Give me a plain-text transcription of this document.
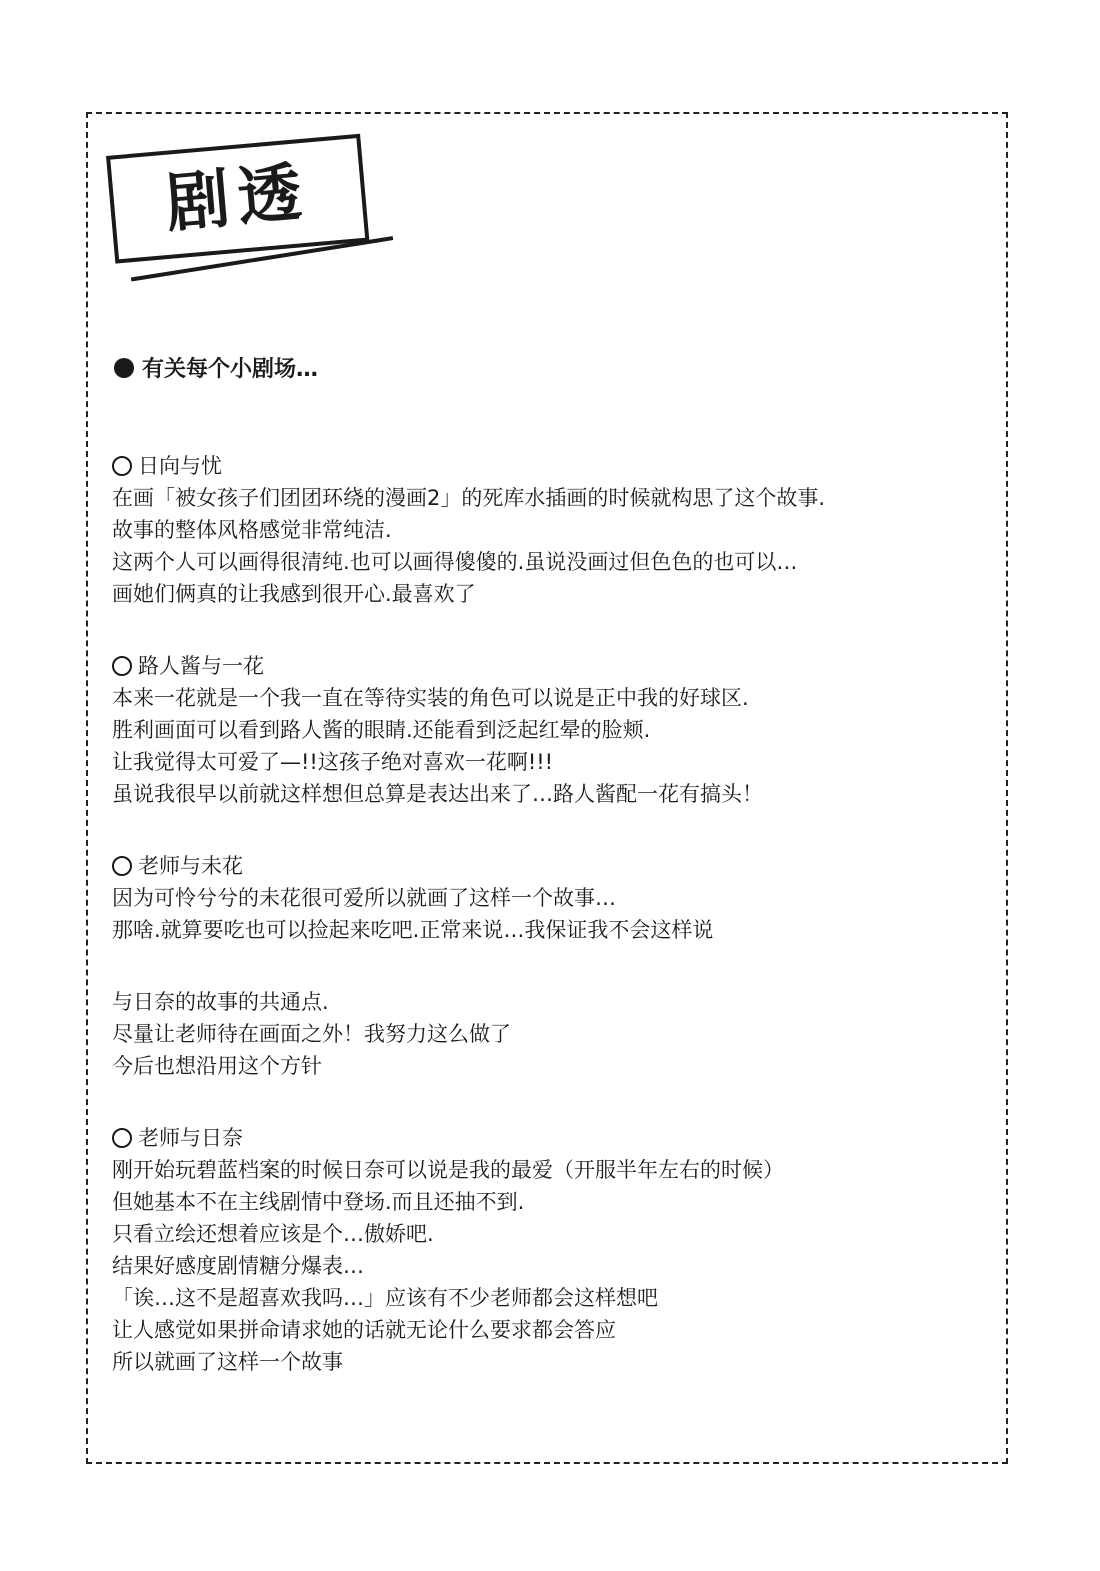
剧透
有关每个小剧场…
日向与忧
在画「被女孩子们团团环绕的漫画2」的死库水插画的时候就构思了这个故事.
故事的整体风格感觉非常纯洁.
这两个人可以画得很清纯.也可以画得傻傻的.虽说没画过但色色的也可以…
画她们俩真的让我感到很开心.最喜欢了
路人酱与一花
本来一花就是一个我一直在等待实装的角色可以说是正中我的好球区.
胜利画面可以看到路人酱的眼睛.还能看到泛起红晕的脸颊.
让我觉得太可爱了—!!这孩子绝对喜欢一花啊!!!
虽说我很早以前就这样想但总算是表达出来了…路人酱配一花有搞头！
老师与未花
因为可怜兮兮的未花很可爱所以就画了这样一个故事…
那啥.就算要吃也可以捡起来吃吧.正常来说…我保证我不会这样说
与日奈的故事的共通点.
尽量让老师待在画面之外！我努力这么做了
今后也想沿用这个方针
老师与日奈
刚开始玩碧蓝档案的时候日奈可以说是我的最爱（开服半年左右的时候）
但她基本不在主线剧情中登场.而且还抽不到.
只看立绘还想着应该是个…傲娇吧.
结果好感度剧情糖分爆表…
「诶…这不是超喜欢我吗…」应该有不少老师都会这样想吧
让人感觉如果拼命请求她的话就无论什么要求都会答应
所以就画了这样一个故事
